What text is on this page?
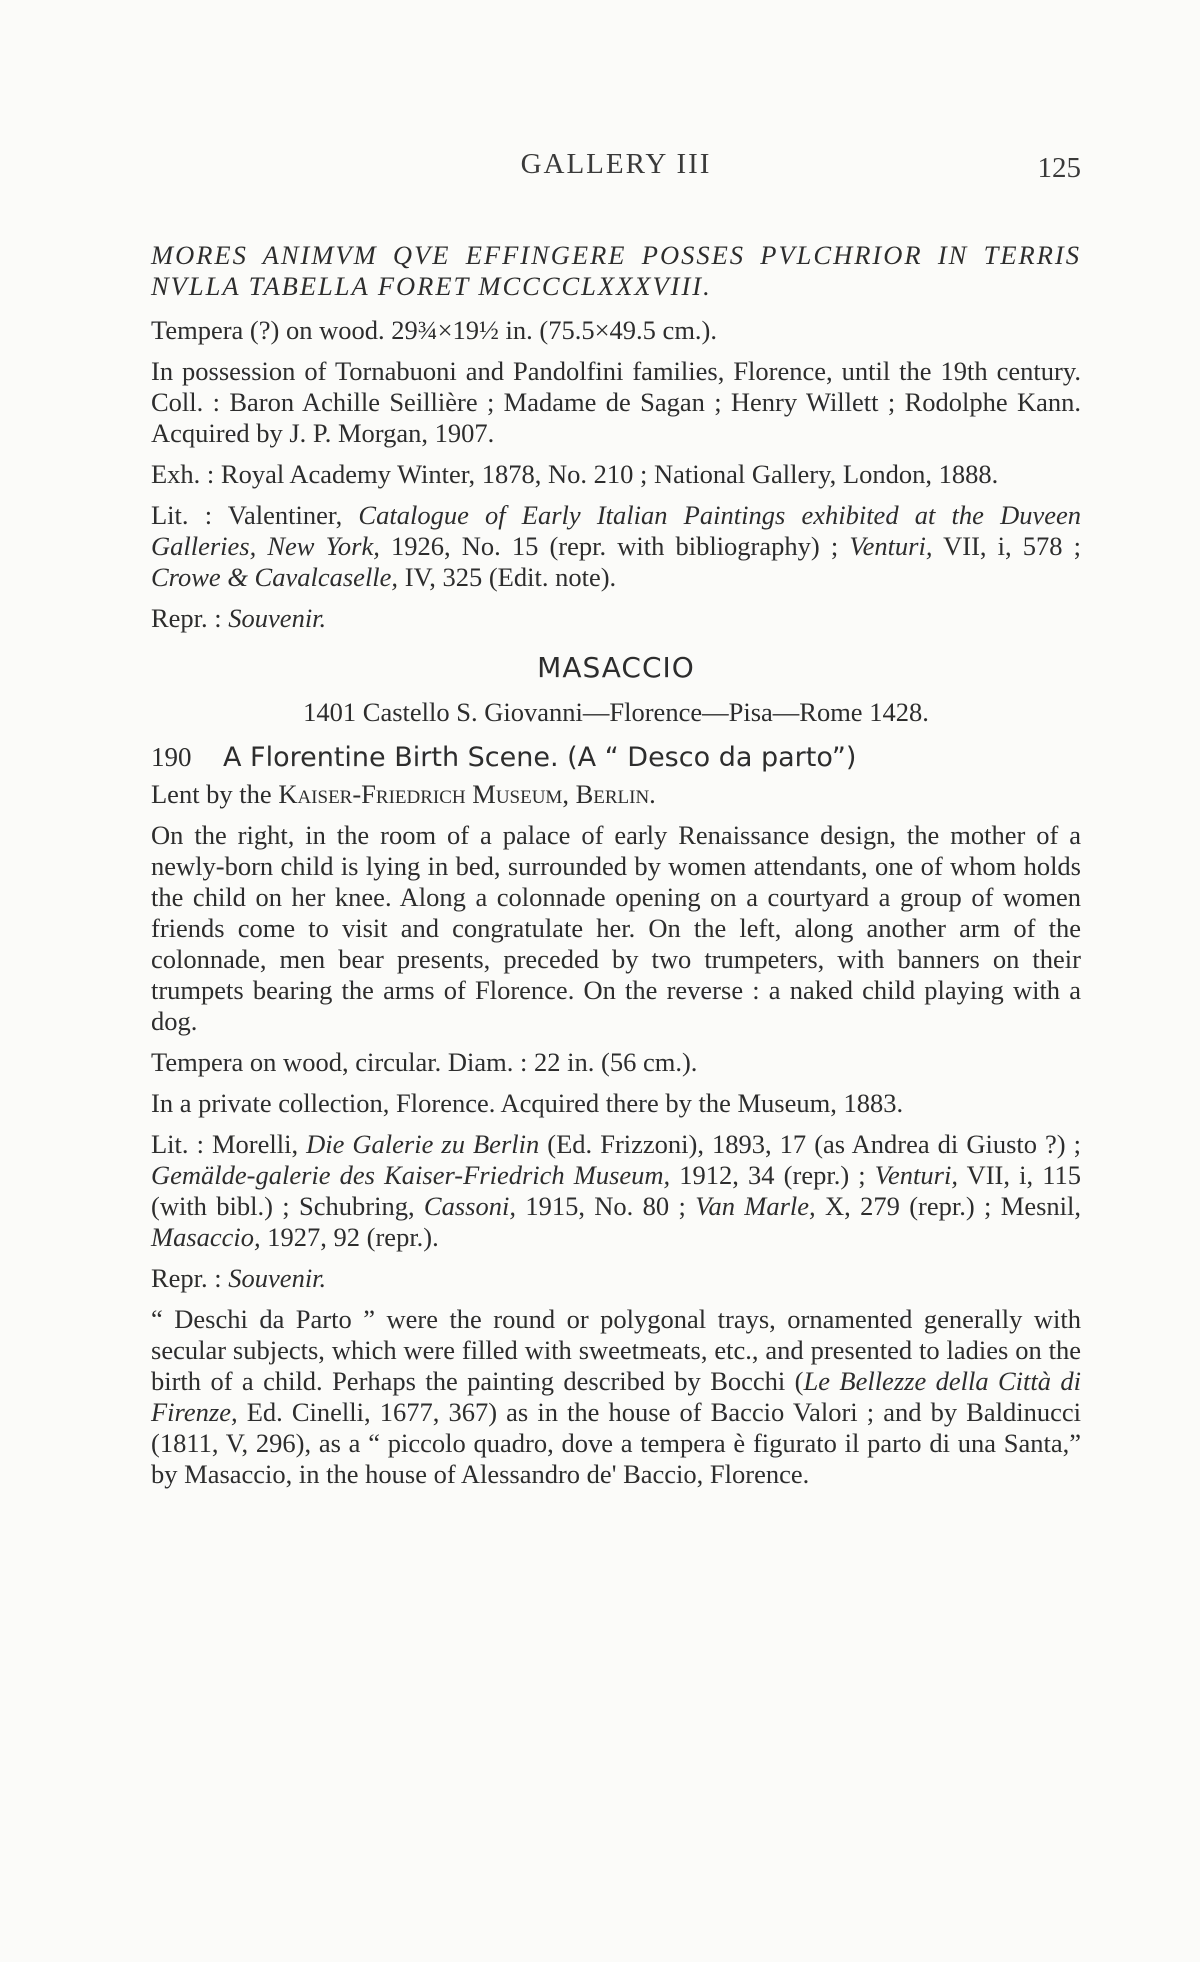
GALLERY III	125

MORES ANIMVM QVE EFFINGERE POSSES PVLCHRIOR IN TERRIS NVLLA TABELLA FORET MCCCCLXXXVIII.

Tempera (?) on wood. 29¾×19½ in. (75.5×49.5 cm.).

In possession of Tornabuoni and Pandolfini families, Florence, until the 19th century. Coll. : Baron Achille Seillière ; Madame de Sagan ; Henry Willett ; Rodolphe Kann. Acquired by J. P. Morgan, 1907.

Exh. : Royal Academy Winter, 1878, No. 210 ; National Gallery, London, 1888.

Lit. : Valentiner, Catalogue of Early Italian Paintings exhibited at the Duveen Galleries, New York, 1926, No. 15 (repr. with bibliography) ; Venturi, VII, i, 578 ; Crowe & Cavalcaselle, IV, 325 (Edit. note).

Repr. : Souvenir.

MASACCIO

1401 Castello S. Giovanni—Florence—Pisa—Rome 1428.

190	A Florentine Birth Scene. (A “ Desco da parto”)

Lent by the Kaiser-Friedrich Museum, Berlin.

On the right, in the room of a palace of early Renaissance design, the mother of a newly-born child is lying in bed, surrounded by women attendants, one of whom holds the child on her knee. Along a colonnade opening on a courtyard a group of women friends come to visit and congratulate her. On the left, along another arm of the colonnade, men bear presents, preceded by two trumpeters, with banners on their trumpets bearing the arms of Florence. On the reverse : a naked child playing with a dog.

Tempera on wood, circular. Diam. : 22 in. (56 cm.).

In a private collection, Florence. Acquired there by the Museum, 1883.

Lit. : Morelli, Die Galerie zu Berlin (Ed. Frizzoni), 1893, 17 (as Andrea di Giusto ?) ; Gemälde-galerie des Kaiser-Friedrich Museum, 1912, 34 (repr.) ; Venturi, VII, i, 115 (with bibl.) ; Schubring, Cassoni, 1915, No. 80 ; Van Marle, X, 279 (repr.) ; Mesnil, Masaccio, 1927, 92 (repr.).

Repr. : Souvenir.

“ Deschi da Parto ” were the round or polygonal trays, ornamented generally with secular subjects, which were filled with sweetmeats, etc., and presented to ladies on the birth of a child. Perhaps the painting described by Bocchi (Le Bellezze della Città di Firenze, Ed. Cinelli, 1677, 367) as in the house of Baccio Valori ; and by Baldinucci (1811, V, 296), as a “ piccolo quadro, dove a tempera è figurato il parto di una Santa,” by Masaccio, in the house of Alessandro de' Baccio, Florence.
